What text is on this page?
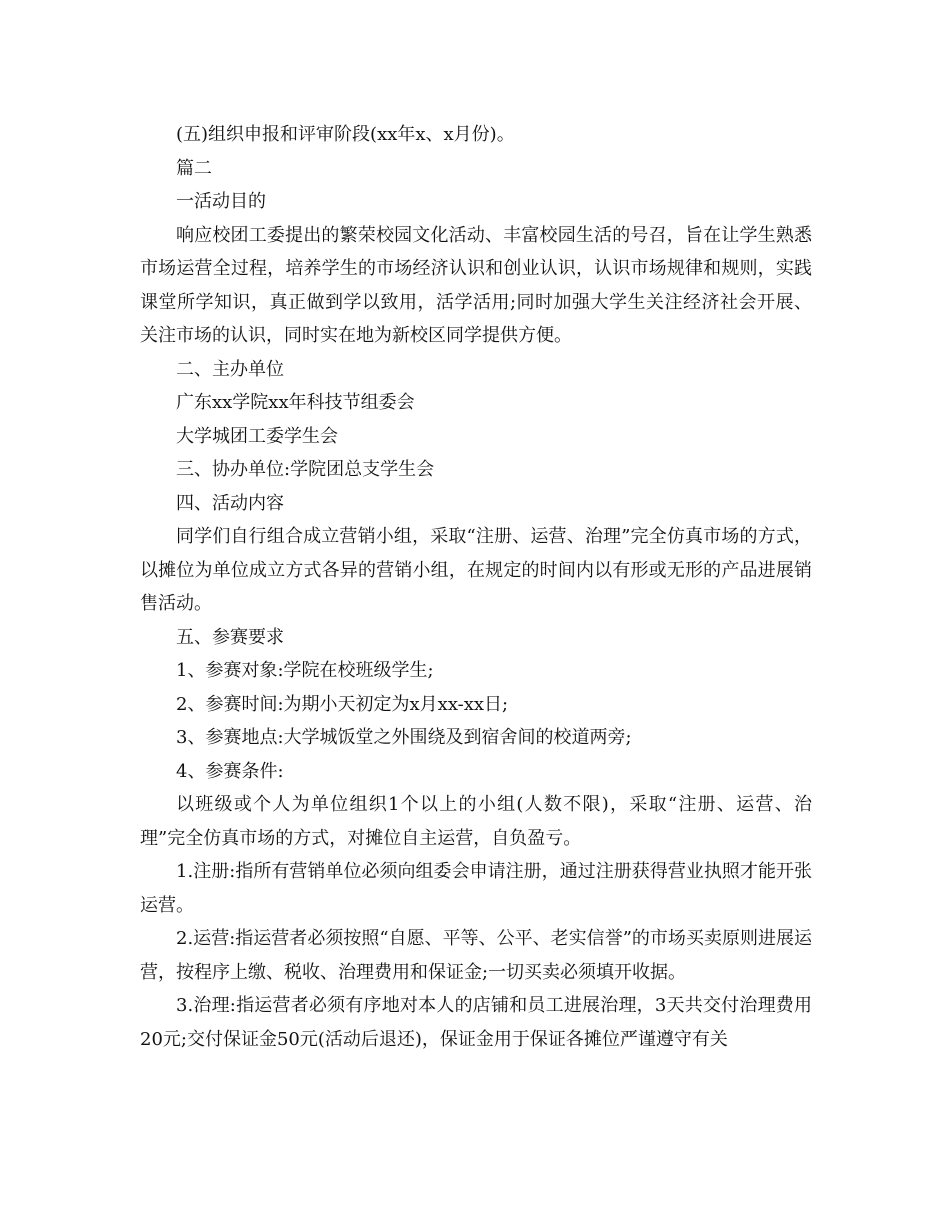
(五)组织申报和评审阶段(xx年x、x月份)。

篇二

一活动目的

响应校团工委提出的繁荣校园文化活动、丰富校园生活的号召，旨在让学生熟悉市场运营全过程，培养学生的市场经济认识和创业认识，认识市场规律和规则，实践课堂所学知识，真正做到学以致用，活学活用;同时加强大学生关注经济社会开展、关注市场的认识，同时实在地为新校区同学提供方便。

二、主办单位

广东xx学院xx年科技节组委会

大学城团工委学生会

三、协办单位:学院团总支学生会

四、活动内容

同学们自行组合成立营销小组，采取“注册、运营、治理”完全仿真市场的方式，以摊位为单位成立方式各异的营销小组，在规定的时间内以有形或无形的产品进展销售活动。

五、参赛要求

1、参赛对象:学院在校班级学生;

2、参赛时间:为期小天初定为x月xx-xx日;

3、参赛地点:大学城饭堂之外围绕及到宿舍间的校道两旁;

4、参赛条件:

以班级或个人为单位组织1个以上的小组(人数不限)，采取“注册、运营、治理”完全仿真市场的方式，对摊位自主运营，自负盈亏。

1.注册:指所有营销单位必须向组委会申请注册，通过注册获得营业执照才能开张运营。

2.运营:指运营者必须按照“自愿、平等、公平、老实信誉”的市场买卖原则进展运营，按程序上缴、税收、治理费用和保证金;一切买卖必须填开收据。

3.治理:指运营者必须有序地对本人的店铺和员工进展治理，3天共交付治理费用20元;交付保证金50元(活动后退还)，保证金用于保证各摊位严谨遵守有关
